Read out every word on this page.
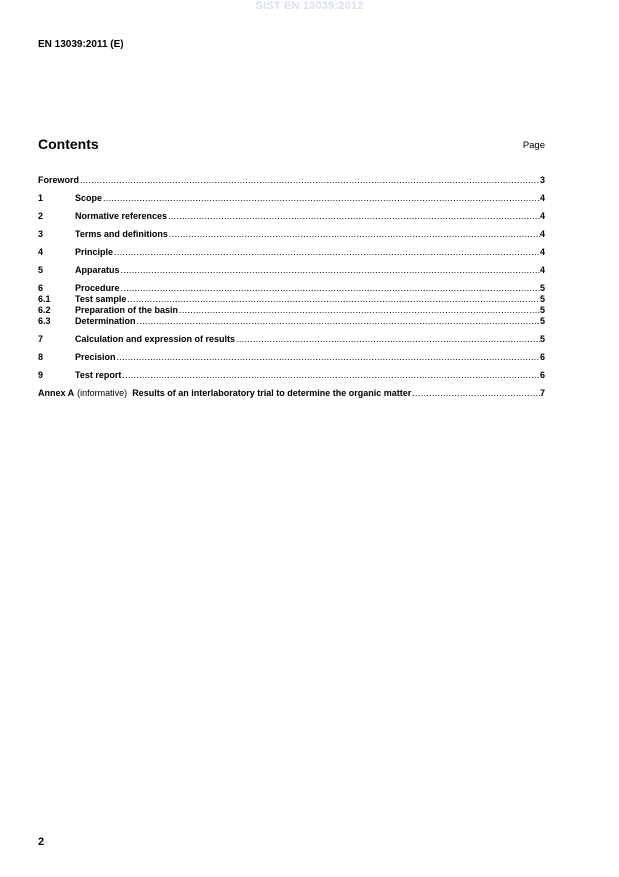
SIST EN 13039:2012
EN 13039:2011 (E)
Contents	Page
Foreword .....	3
1	Scope .....	4
2	Normative references .....	4
3	Terms and definitions .....	4
4	Principle .....	4
5	Apparatus .....	4
6	Procedure .....	5
6.1	Test sample .....	5
6.2	Preparation of the basin .....	5
6.3	Determination .....	5
7	Calculation and expression of results .....	5
8	Precision .....	6
9	Test report .....	6
Annex A (informative) Results of an interlaboratory trial to determine the organic matter .....	7
2
